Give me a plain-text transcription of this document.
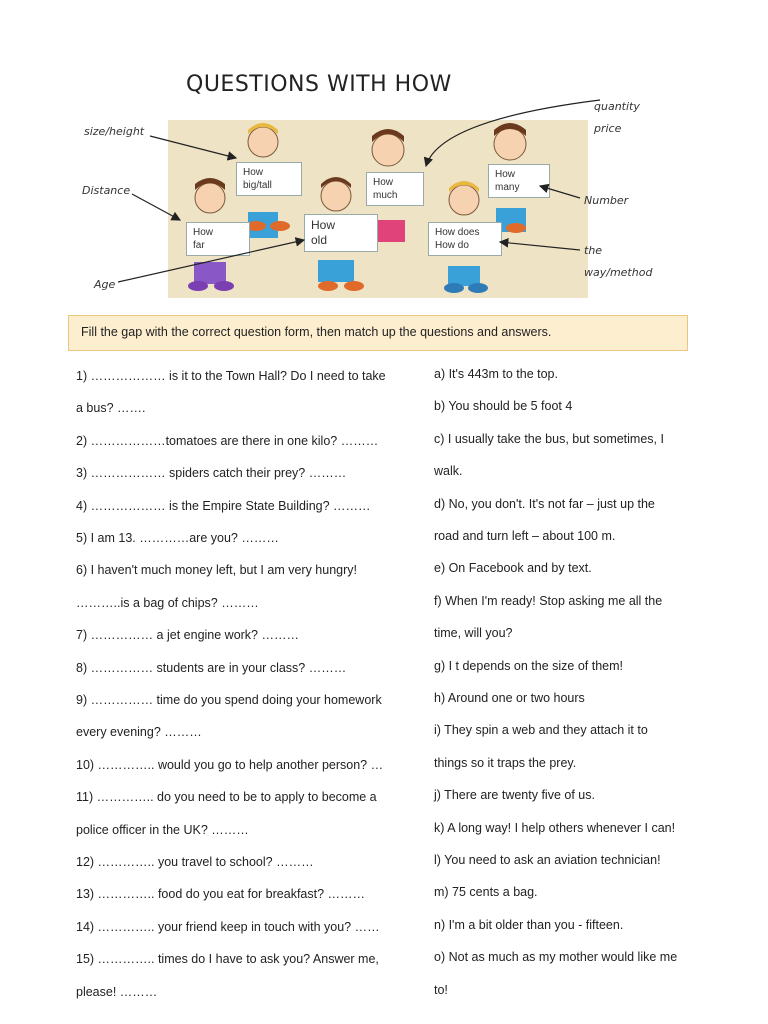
QUESTIONS WITH HOW
How
big/tall	How
much
How
many
How
far
How
old
How does
How do
size/height
Distance
Age
quantity
price
Number
the
way/method
Fill the gap with the correct question form, then match up the questions and answers.
1) ……………… is it to the Town Hall? Do I need to take
a bus? …….
2) ………………tomatoes are there in one kilo? ………
3) ……………… spiders catch their prey? ………
4) ……………… is the Empire State Building? ………
5) I am 13. …………are you? ………
6) I haven't much money left, but I am very hungry!
………..is a bag of chips? ………
7) …………… a jet engine work? ………
8) …………… students are in your class? ………
9) …………… time do you spend doing your homework
every evening? ………
10) ………….. would you go to help another person? …
11) ………….. do you need to be to apply to become a
police officer in the UK? ………
12) ………….. you travel to school? ………
13) ………….. food do you eat for breakfast? ………
14) ………….. your friend keep in touch with you? ……
15) ………….. times do I have to ask you? Answer me,
please! ………
a) It's 443m to the top.
b) You should be 5 foot 4
c) I usually take the bus, but sometimes, I
walk.
d) No, you don't. It's not far – just up the
road and turn left – about 100 m.
e) On Facebook and by text.
f) When I'm ready! Stop asking me all the
time, will you?
g) I t depends on the size of them!
h) Around one or two hours
i) They spin a web and they attach it to
things so it traps the prey.
j) There are twenty five of us.
k) A long way! I help others whenever I can!
l) You need to ask an aviation technician!
m) 75 cents a bag.
n) I'm a bit older than you - fifteen.
o) Not as much as my mother would like me
to!
